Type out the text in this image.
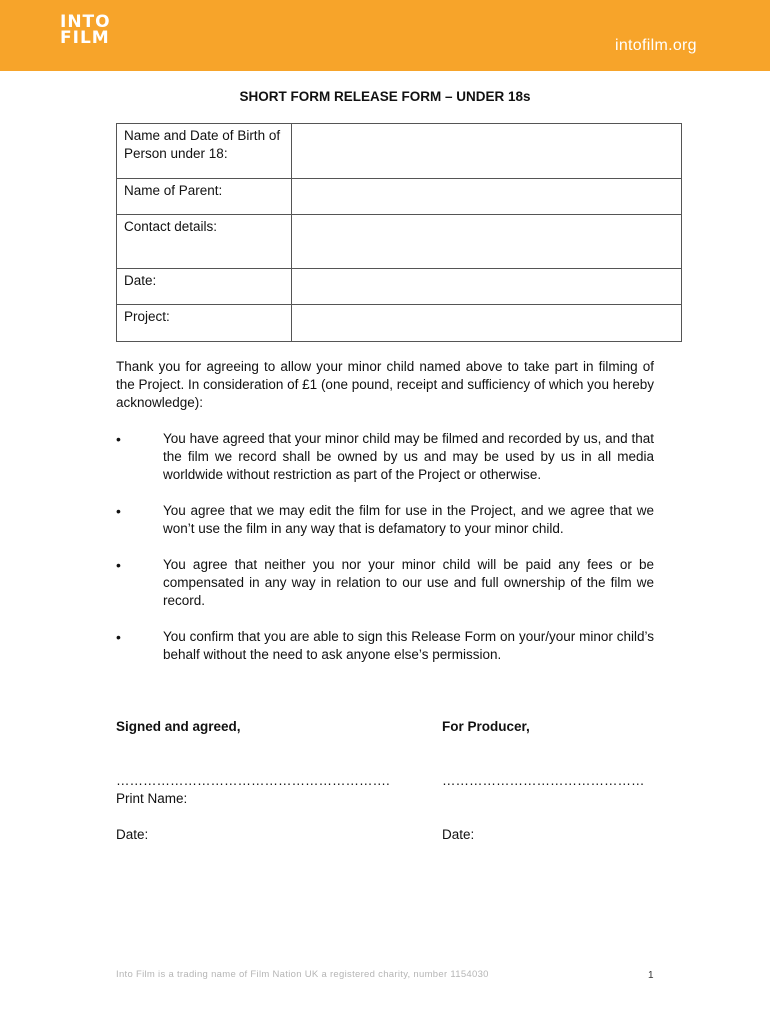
INTO
FILM	intofilm.org
SHORT FORM RELEASE FORM – UNDER 18s
Name and Date of Birth of Person under 18:	
Name of Parent:	
Contact details:	
Date:	
Project:	
Thank you for agreeing to allow your minor child named above to take part in filming of the Project. In consideration of £1 (one pound, receipt and sufficiency of which you hereby acknowledge):
•	You have agreed that your minor child may be filmed and recorded by us, and that the film we record shall be owned by us and may be used by us in all media worldwide without restriction as part of the Project or otherwise.
•	You agree that we may edit the film for use in the Project, and we agree that we won’t use the film in any way that is defamatory to your minor child.
•	You agree that neither you nor your minor child will be paid any fees or be compensated in any way in relation to our use and full ownership of the film we record.
•	You confirm that you are able to sign this Release Form on your/your minor child’s behalf without the need to ask anyone else’s permission.
Signed and agreed,	For Producer,
…………………………………………………….	………………………………………
Print Name:
Date:	Date:
Into Film is a trading name of Film Nation UK a registered charity, number 1154030	1
